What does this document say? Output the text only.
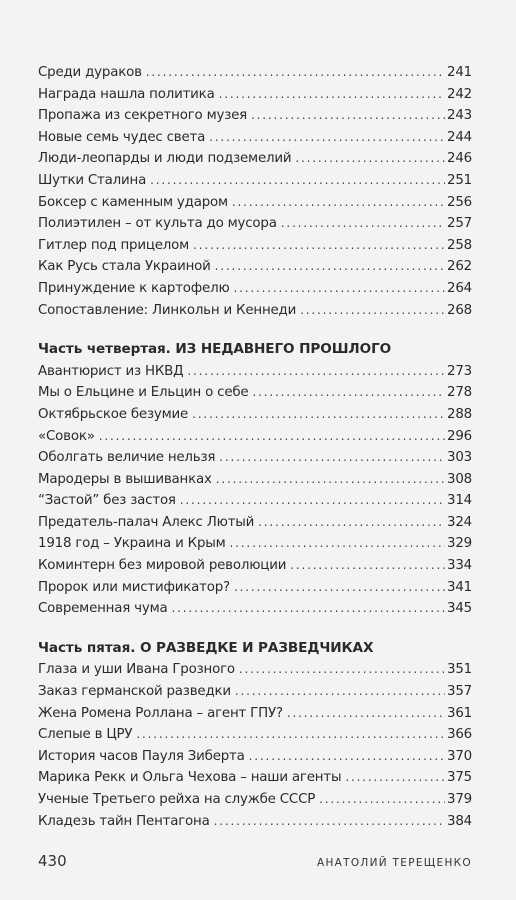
Среди дураков . . .	241
Награда нашла политика . . .	242
Пропажа из секретного музея . . .	243
Новые семь чудес света . . .	244
Люди-леопарды и люди подземелий . . .	246
Шутки Сталина . . .	251
Боксер с каменным ударом . . .	256
Полиэтилен – от культа до мусора . . .	257
Гитлер под прицелом . . .	258
Как Русь стала Украиной . . .	262
Принуждение к картофелю . . .	264
Сопоставление: Линкольн и Кеннеди . . .	268
Часть четвертая. ИЗ НЕДАВНЕГО ПРОШЛОГО
Авантюрист из НКВД . . .	273
Мы о Ельцине и Ельцин о себе . . .	278
Октябрьское безумие . . .	288
«Совок» . . .	296
Оболгать величие нельзя . . .	303
Мародеры в вышиванках . . .	308
“Застой” без застоя . . .	314
Предатель-палач Алекс Лютый . . .	324
1918 год – Украина и Крым . . .	329
Коминтерн без мировой революции . . .	334
Пророк или мистификатор? . . .	341
Современная чума . . .	345
Часть пятая. О РАЗВЕДКЕ И РАЗВЕДЧИКАХ
Глаза и уши Ивана Грозного . . .	351
Заказ германской разведки . . .	357
Жена Ромена Роллана – агент ГПУ? . . .	361
Слепые в ЦРУ . . .	366
История часов Пауля Зиберта . . .	370
Марика Рекк и Ольга Чехова – наши агенты . . .	375
Ученые Третьего рейха на службе СССР . . .	379
Кладезь тайн Пентагона . . .	384
430	АНАТОЛИЙ ТЕРЕЩЕНКО
